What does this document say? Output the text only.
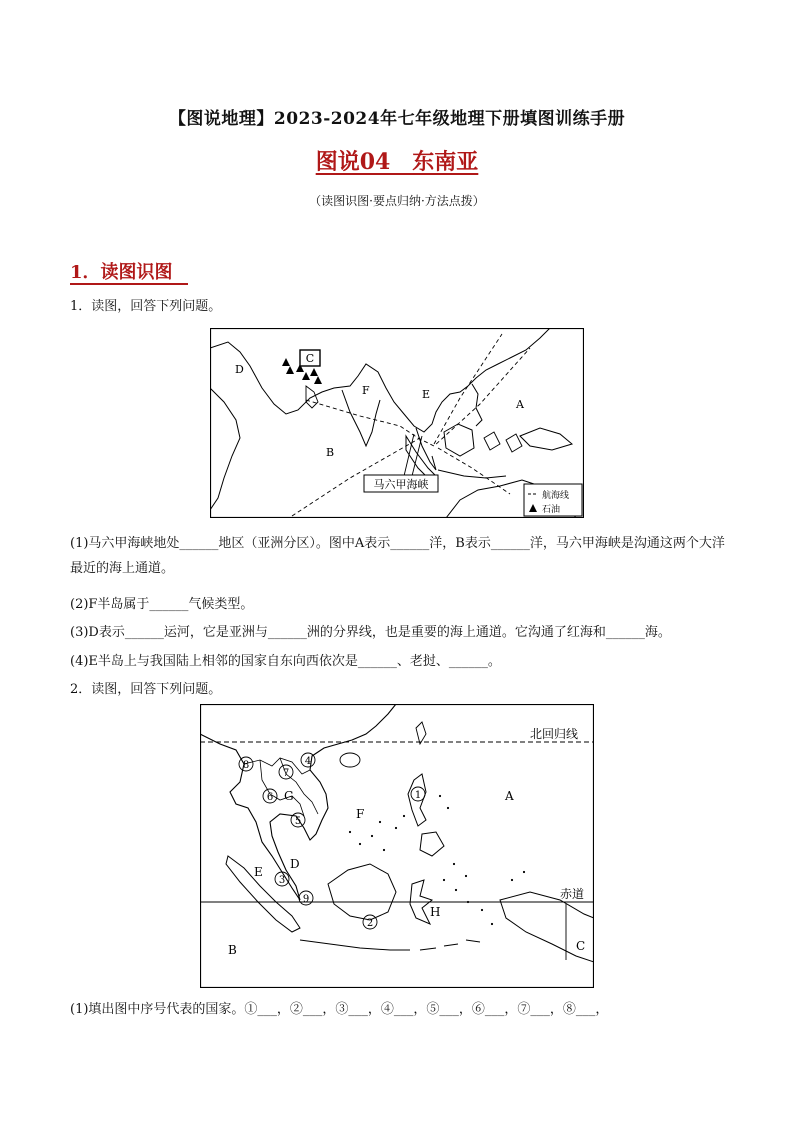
【图说地理】2023-2024年七年级地理下册填图训练手册
图说04　东南亚
（读图识图·要点归纳·方法点拨）
1．读图识图
1．读图，回答下列问题。
C
D
F	E
A
B
马六甲海峡
航海线
石油
(1)马六甲海峡地处______地区（亚洲分区）。图中A表示______洋，B表示______洋，马六甲海峡是沟通这两个大洋最近的海上通道。
(2)F半岛属于______气候类型。
(3)D表示______运河，它是亚洲与______洲的分界线，也是重要的海上通道。它沟通了红海和______海。
(4)E半岛上与我国陆上相邻的国家自东向西依次是______、老挝、______。
2．读图，回答下列问题。
北回归线
赤道
1
2
3
4
5
6
7
8
9
A
B	C
D
E
F
G
H
(1)填出图中序号代表的国家。①___，②___，③___，④___，⑤___，⑥___，⑦___，⑧___，
